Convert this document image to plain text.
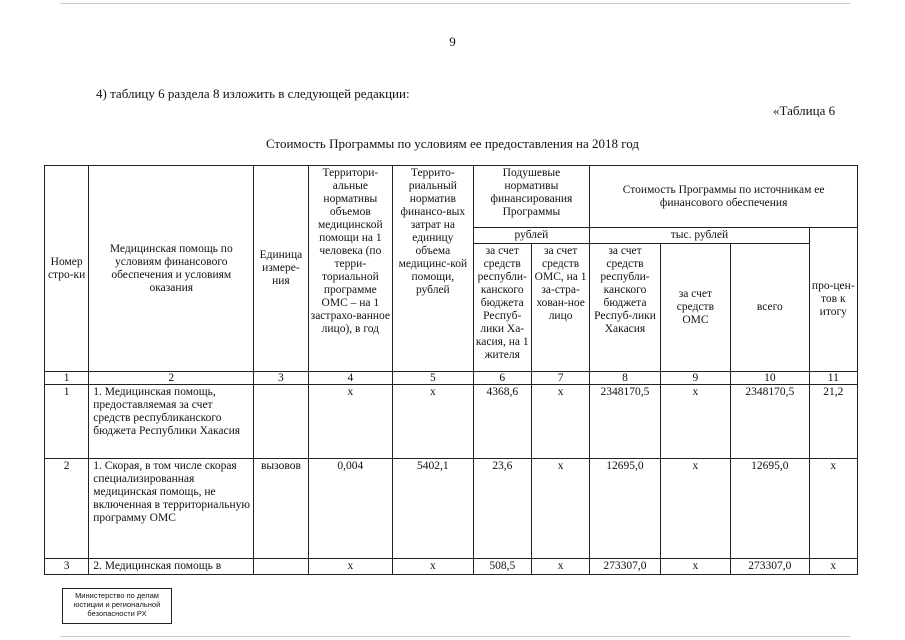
9
4) таблицу 6 раздела 8 изложить в следующей редакции:
«Таблица 6
Стоимость Программы по условиям ее предоставления на 2018 год
Номер стро-ки	Медицинская помощь по условиям финансового обеспечения и условиям оказания	Единица измере-ния	Территори-альные нормативы объемов медицинской помощи на 1 человека (по терри-ториальной программе ОМС – на 1 застрахо-ванное лицо), в год	Террито-риальный норматив финансо-вых затрат на единицу объема медицинс-кой помощи, рублей	Подушевые нормативы финансирования Программы		Стоимость Программы по источникам ее финансового обеспечения			
					рублей		тыс. рублей			про-цен-тов к итогу
					за счет средств республи-канского бюджета Респуб-лики Ха-касия, на 1 жителя	за счет средств ОМС, на 1 за-стра-хован-ное лицо	за счет средств республи-канского бюджета Респуб-лики Хакасия	за счет средств ОМС	всего	
1	2	3	4	5	6	7	8	9	10	11
1	1. Медицинская помощь, предоставляемая за счет средств республиканского бюджета Республики Хакасия		х	х	4368,6	х	2348170,5	х	2348170,5	21,2
2	1. Скорая, в том числе скорая специализированная медицинская помощь, не включенная в территориальную программу ОМС	вызовов	0,004	5402,1	23,6	х	12695,0	х	12695,0	х
3	2. Медицинская помощь в		х	х	508,5	х	273307,0	х	273307,0	х
Министерство по делам
юстиции и региональной
безопасности РХ
